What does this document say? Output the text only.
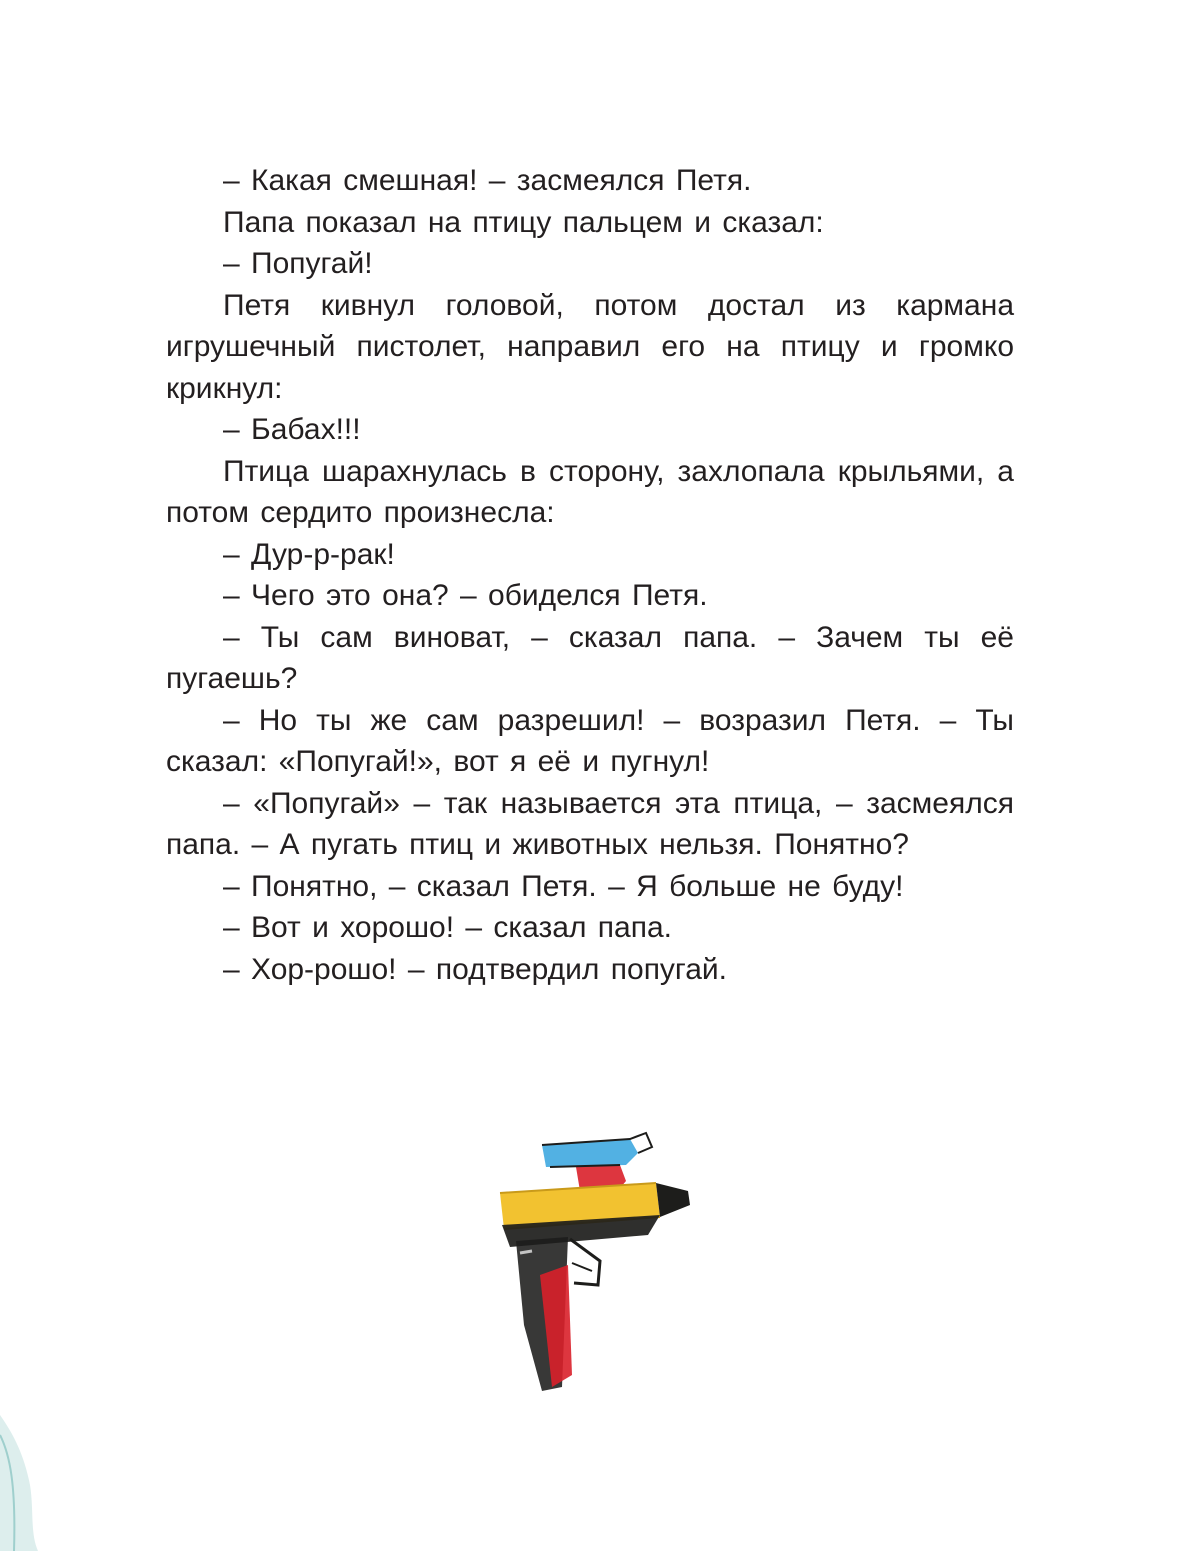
– Какая смешная! – засмеялся Петя.

Папа показал на птицу пальцем и сказал:

– Попугай!

Петя кивнул головой, потом достал из кармана игрушечный пистолет, направил его на птицу и громко крикнул:

– Бабах!!!

Птица шарахнулась в сторону, захлопала крыльями, а потом сердито произнесла:

– Дур-р-рак!

– Чего это она? – обиделся Петя.

– Ты сам виноват, – сказал папа. – Зачем ты её пугаешь?

– Но ты же сам разрешил! – возразил Петя. – Ты сказал: «Попугай!», вот я её и пугнул!

– «Попугай» – так называется эта птица, – засмеялся папа. – А пугать птиц и животных нельзя. Понятно?

– Понятно, – сказал Петя. – Я больше не буду!

– Вот и хорошо! – сказал папа.

– Хор-рошо! – подтвердил попугай.
